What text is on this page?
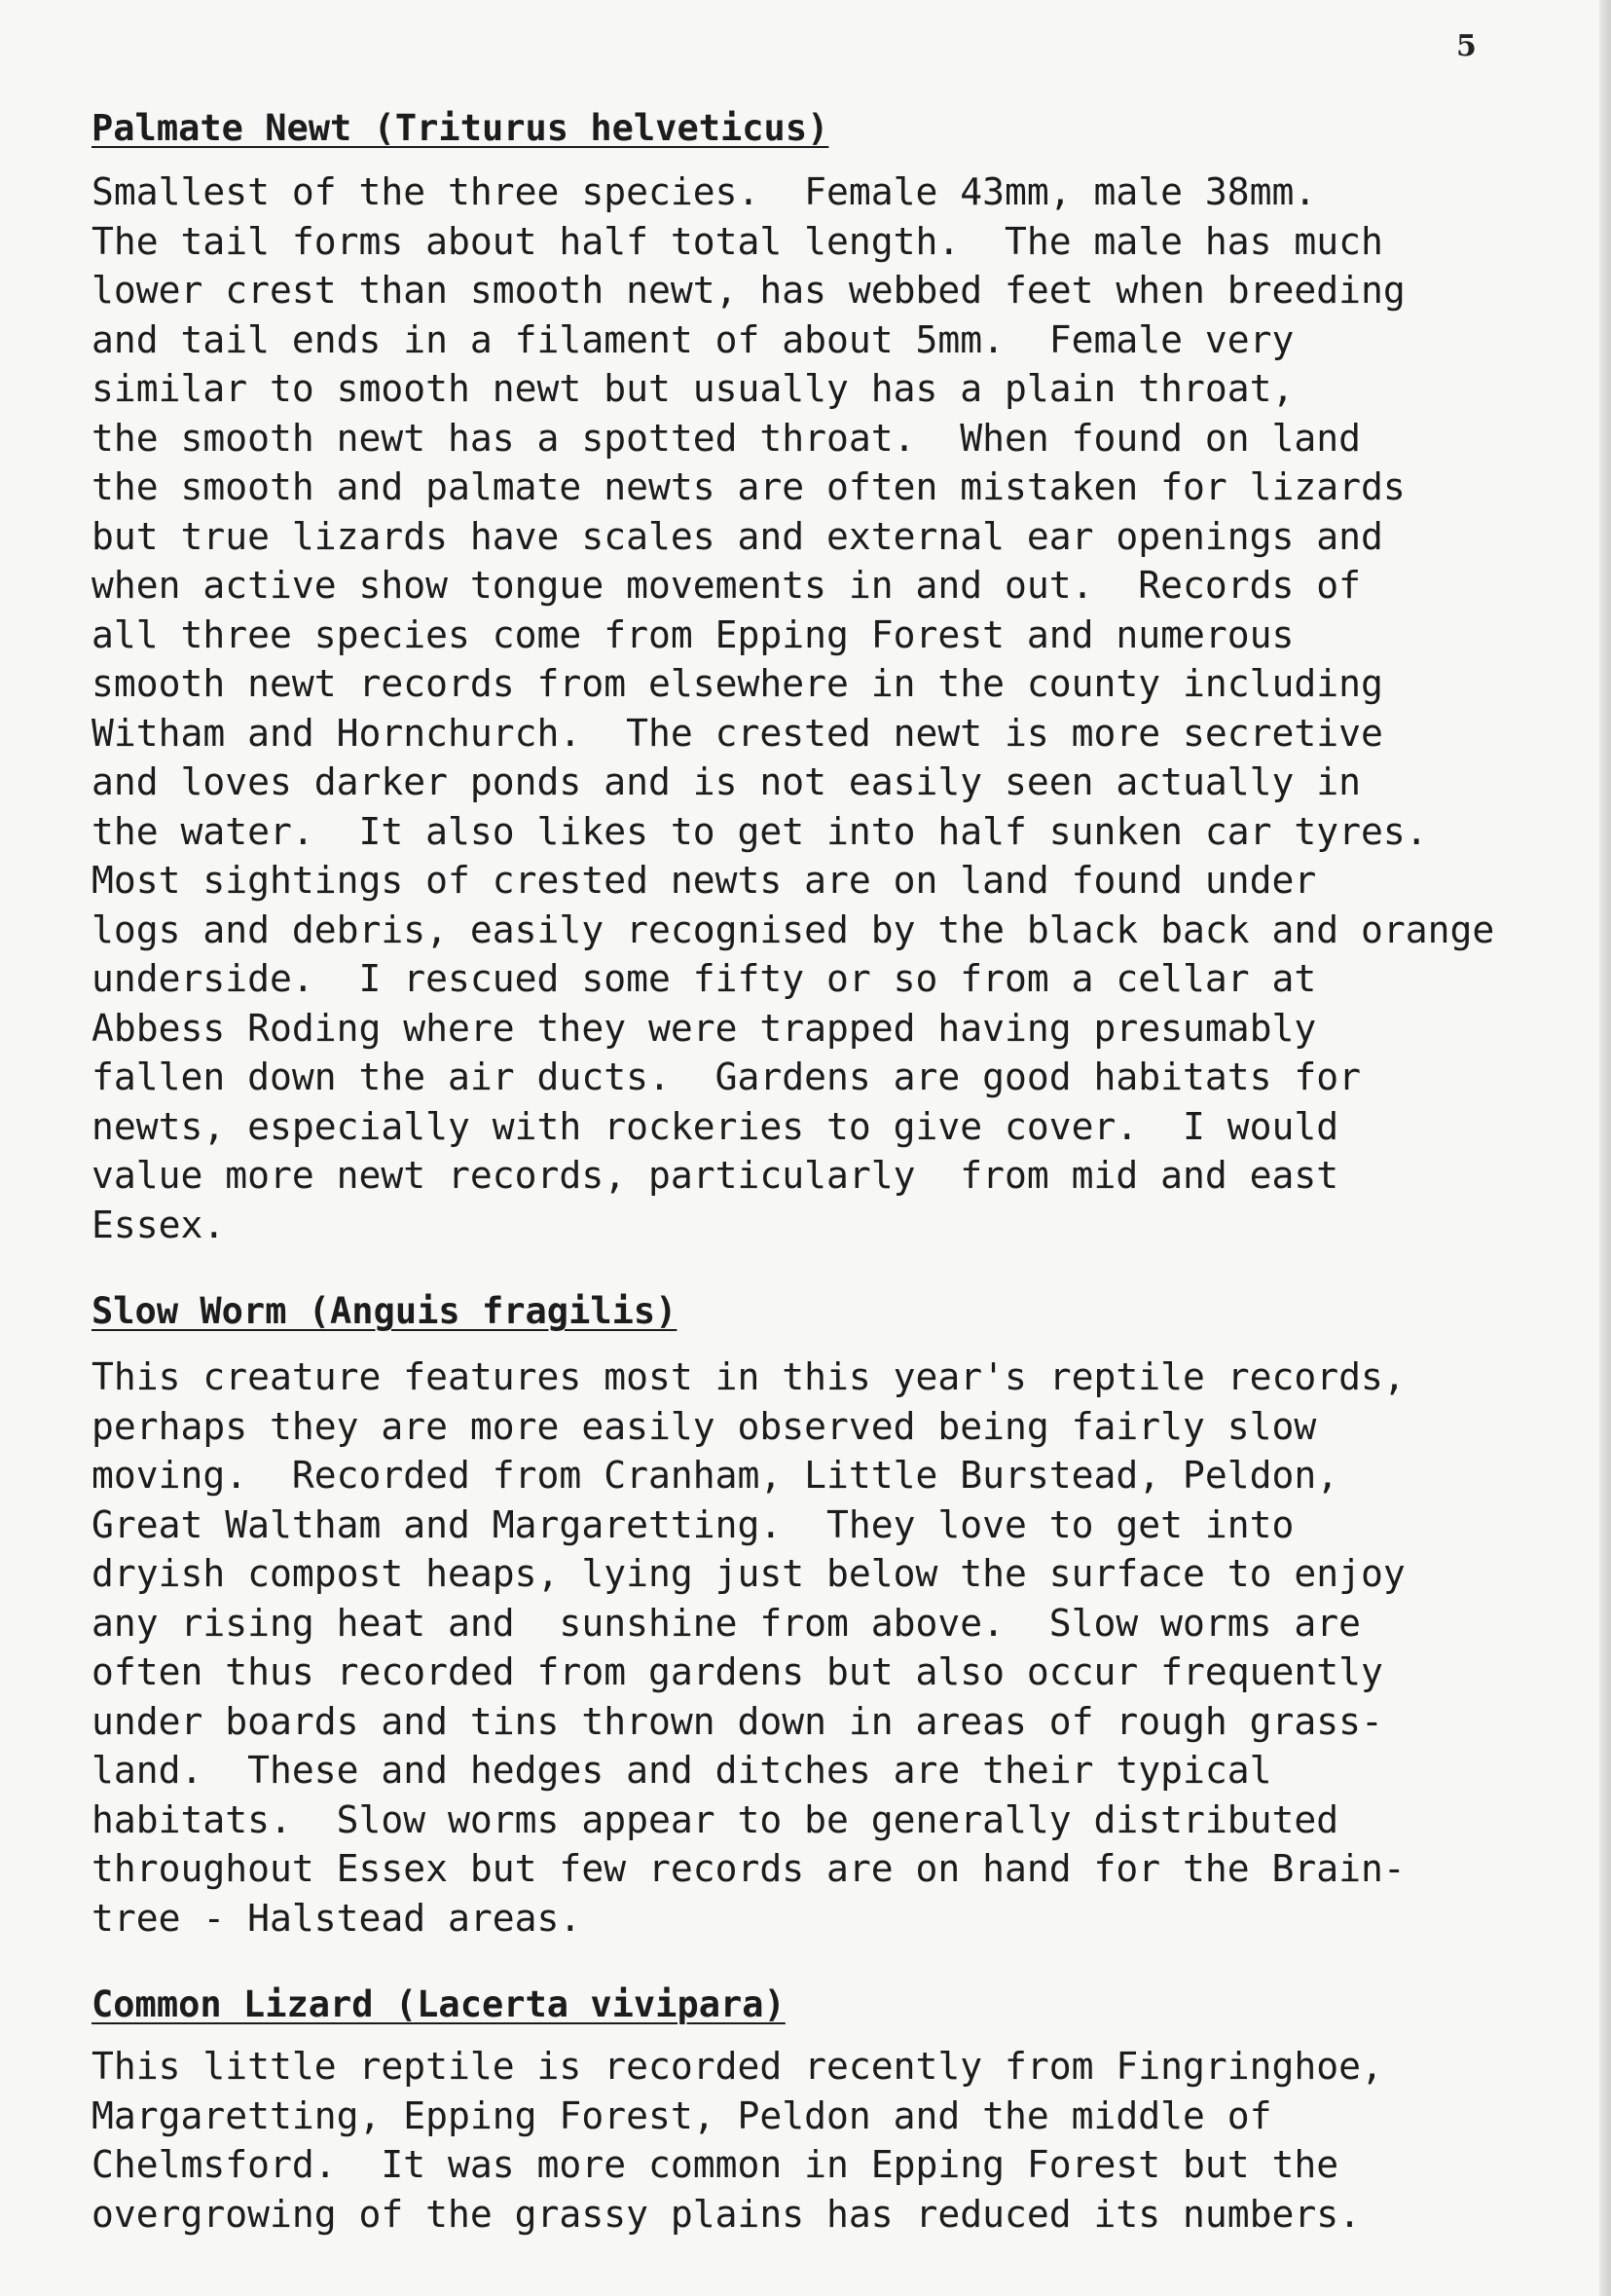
5
Palmate Newt (Triturus helveticus)

Smallest of the three species.  Female 43mm, male 38mm.
The tail forms about half total length.  The male has much
lower crest than smooth newt, has webbed feet when breeding
and tail ends in a filament of about 5mm.  Female very
similar to smooth newt but usually has a plain throat,
the smooth newt has a spotted throat.  When found on land
the smooth and palmate newts are often mistaken for lizards
but true lizards have scales and external ear openings and
when active show tongue movements in and out.  Records of
all three species come from Epping Forest and numerous
smooth newt records from elsewhere in the county including
Witham and Hornchurch.  The crested newt is more secretive
and loves darker ponds and is not easily seen actually in
the water.  It also likes to get into half sunken car tyres.
Most sightings of crested newts are on land found under
logs and debris, easily recognised by the black back and orange
underside.  I rescued some fifty or so from a cellar at
Abbess Roding where they were trapped having presumably
fallen down the air ducts.  Gardens are good habitats for
newts, especially with rockeries to give cover.  I would
value more newt records, particularly  from mid and east
Essex.

Slow Worm (Anguis fragilis)

This creature features most in this year's reptile records,
perhaps they are more easily observed being fairly slow
moving.  Recorded from Cranham, Little Burstead, Peldon,
Great Waltham and Margaretting.  They love to get into
dryish compost heaps, lying just below the surface to enjoy
any rising heat and  sunshine from above.  Slow worms are
often thus recorded from gardens but also occur frequently
under boards and tins thrown down in areas of rough grass-
land.  These and hedges and ditches are their typical
habitats.  Slow worms appear to be generally distributed
throughout Essex but few records are on hand for the Brain-
tree - Halstead areas.

Common Lizard (Lacerta vivipara)

This little reptile is recorded recently from Fingringhoe,
Margaretting, Epping Forest, Peldon and the middle of
Chelmsford.  It was more common in Epping Forest but the
overgrowing of the grassy plains has reduced its numbers.
